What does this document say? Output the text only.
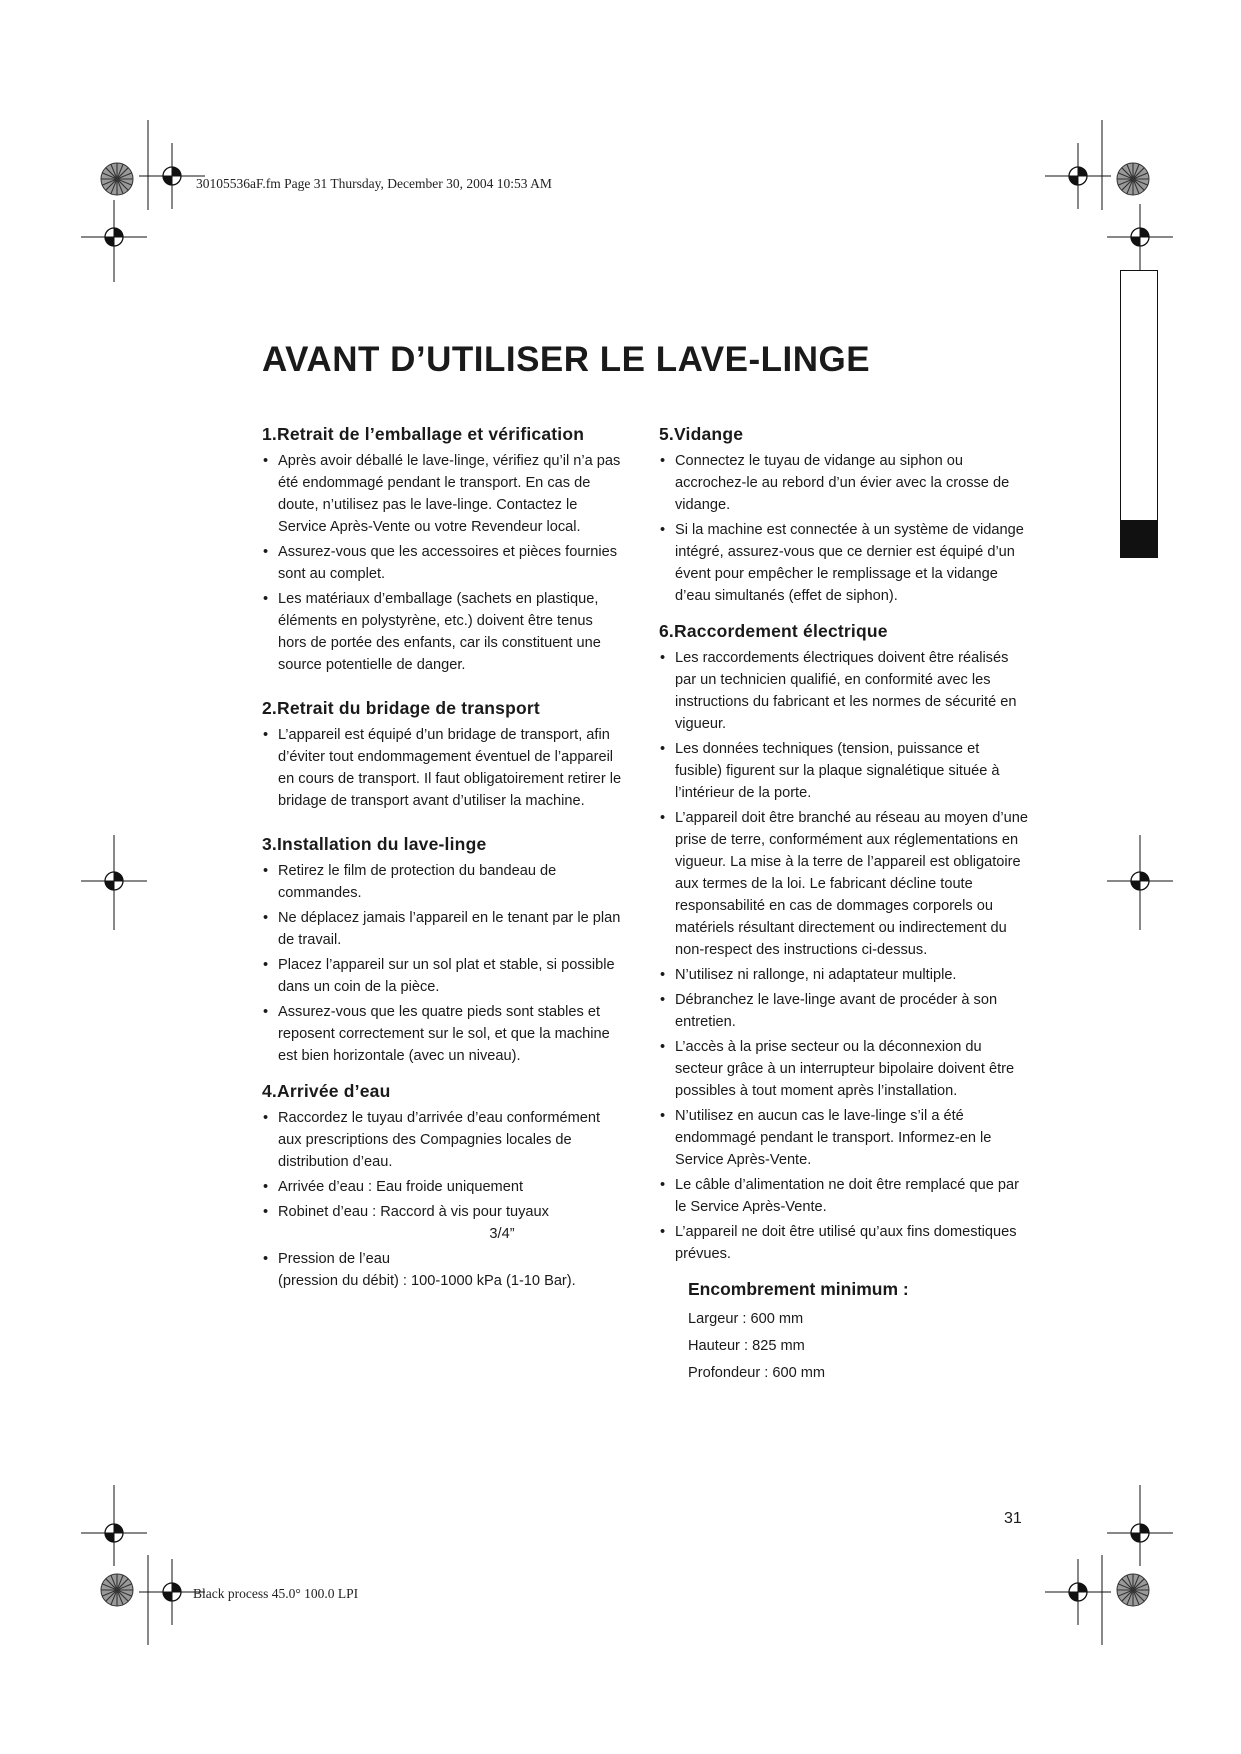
30105536aF.fm Page 31 Thursday, December 30, 2004 10:53 AM
Black process 45.0° 100.0 LPI
AVANT D’UTILISER LE LAVE-LINGE
1.Retrait de l’emballage et vérification
• Après avoir déballé le lave-linge, vérifiez qu’il n’a pas été endommagé pendant le transport. En cas de doute, n’utilisez pas le lave-linge. Contactez le Service Après-Vente ou votre Revendeur local.
• Assurez-vous que les accessoires et pièces fournies sont au complet.
• Les matériaux d’emballage (sachets en plastique, éléments en polystyrène, etc.) doivent être tenus hors de portée des enfants, car ils constituent une source potentielle de danger.
2.Retrait du bridage de transport
• L’appareil est équipé d’un bridage de transport, afin d’éviter tout endommagement éventuel de l’appareil en cours de transport. Il faut obligatoirement retirer le bridage de transport avant d’utiliser la machine.
3.Installation du lave-linge
• Retirez le film de protection du bandeau de commandes.
• Ne déplacez jamais l’appareil en le tenant par le plan de travail.
• Placez l’appareil sur un sol plat et stable, si possible dans un coin de la pièce.
• Assurez-vous que les quatre pieds sont stables et reposent correctement sur le sol, et que la machine est bien horizontale (avec un niveau).
4.Arrivée d’eau
• Raccordez le tuyau d’arrivée d’eau conformément aux prescriptions des Compagnies locales de distribution d’eau.
• Arrivée d’eau : Eau froide uniquement
• Robinet d’eau : Raccord à vis pour tuyaux
3/4”
• Pression de l’eau
(pression du débit) : 100-1000 kPa (1-10 Bar).
5.Vidange
• Connectez le tuyau de vidange au siphon ou accrochez-le au rebord d’un évier avec la crosse de vidange.
• Si la machine est connectée à un système de vidange intégré, assurez-vous que ce dernier est équipé d’un évent pour empêcher le remplissage et la vidange d’eau simultanés (effet de siphon).
6.Raccordement électrique
• Les raccordements électriques doivent être réalisés par un technicien qualifié, en conformité avec les instructions du fabricant et les normes de sécurité en vigueur.
• Les données techniques (tension, puissance et fusible) figurent sur la plaque signalétique située à l’intérieur de la porte.
• L’appareil doit être branché au réseau au moyen d’une prise de terre, conformément aux réglementations en vigueur. La mise à la terre de l’appareil est obligatoire aux termes de la loi. Le fabricant décline toute responsabilité en cas de dommages corporels ou matériels résultant directement ou indirectement du non-respect des instructions ci-dessus.
• N’utilisez ni rallonge, ni adaptateur multiple.
• Débranchez le lave-linge avant de procéder à son entretien.
• L’accès à la prise secteur ou la déconnexion du secteur grâce à un interrupteur bipolaire doivent être possibles à tout moment après l’installation.
• N’utilisez en aucun cas le lave-linge s’il a été endommagé pendant le transport. Informez-en le Service Après-Vente.
• Le câble d’alimentation ne doit être remplacé que par le Service Après-Vente.
• L’appareil ne doit être utilisé qu’aux fins domestiques prévues.
Encombrement minimum :
Largeur : 600 mm
Hauteur : 825 mm
Profondeur : 600 mm
31
